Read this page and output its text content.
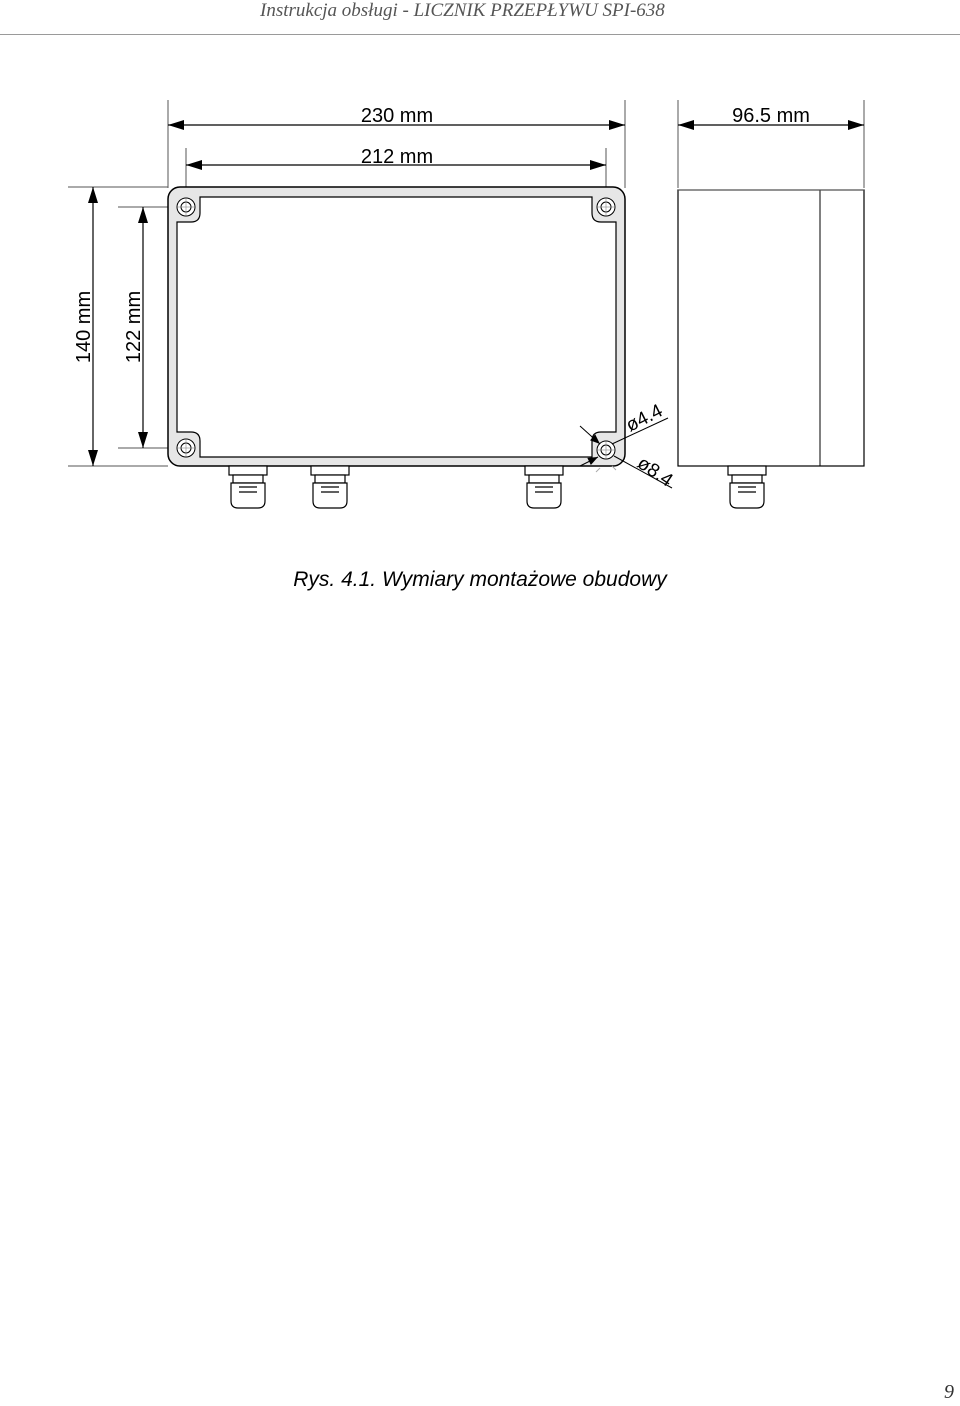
Instrukcja obsługi - LICZNIK PRZEPŁYWU SPI-638
230 mm
212 mm
96.5 mm
140 mm 122 mm
ø4.4
ø8.4
Rys. 4.1. Wymiary montażowe obudowy
9
